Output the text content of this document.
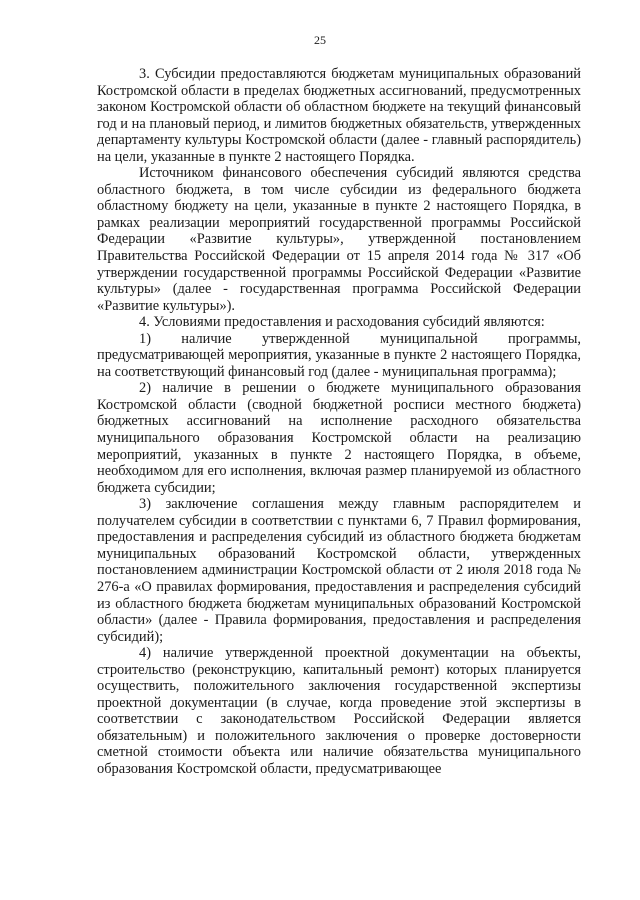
25

3. Субсидии предоставляются бюджетам муниципальных образований Костромской области в пределах бюджетных ассигнований, предусмотренных законом Костромской области об областном бюджете на текущий финансовый год и на плановый период, и лимитов бюджетных обязательств, утвержденных департаменту культуры Костромской области (далее - главный распорядитель) на цели, указанные в пункте 2 настоящего Порядка.

Источником финансового обеспечения субсидий являются средства областного бюджета, в том числе субсидии из федерального бюджета областному бюджету на цели, указанные в пункте 2 настоящего Порядка, в рамках реализации мероприятий государственной программы Российской Федерации «Развитие культуры», утвержденной постановлением Правительства Российской Федерации от 15 апреля 2014 года № 317 «Об утверждении государственной программы Российской Федерации «Развитие культуры» (далее - государственная программа Российской Федерации «Развитие культуры»).

4. Условиями предоставления и расходования субсидий являются:

1) наличие утвержденной муниципальной программы, предусматривающей мероприятия, указанные в пункте 2 настоящего Порядка, на соответствующий финансовый год (далее - муниципальная программа);

2) наличие в решении о бюджете муниципального образования Костромской области (сводной бюджетной росписи местного бюджета) бюджетных ассигнований на исполнение расходного обязательства муниципального образования Костромской области на реализацию мероприятий, указанных в пункте 2 настоящего Порядка, в объеме, необходимом для его исполнения, включая размер планируемой из областного бюджета субсидии;

3) заключение соглашения между главным распорядителем и получателем субсидии в соответствии с пунктами 6, 7 Правил формирования, предоставления и распределения субсидий из областного бюджета бюджетам муниципальных образований Костромской области, утвержденных постановлением администрации Костромской области от 2 июля 2018 года № 276-а «О правилах формирования, предоставления и распределения субсидий из областного бюджета бюджетам муниципальных образований Костромской области» (далее - Правила формирования, предоставления и распределения субсидий);

4) наличие утвержденной проектной документации на объекты, строительство (реконструкцию, капитальный ремонт) которых планируется осуществить, положительного заключения государственной экспертизы проектной документации (в случае, когда проведение этой экспертизы в соответствии с законодательством Российской Федерации является обязательным) и положительного заключения о проверке достоверности сметной стоимости объекта или наличие обязательства муниципального образования Костромской области, предусматривающее
